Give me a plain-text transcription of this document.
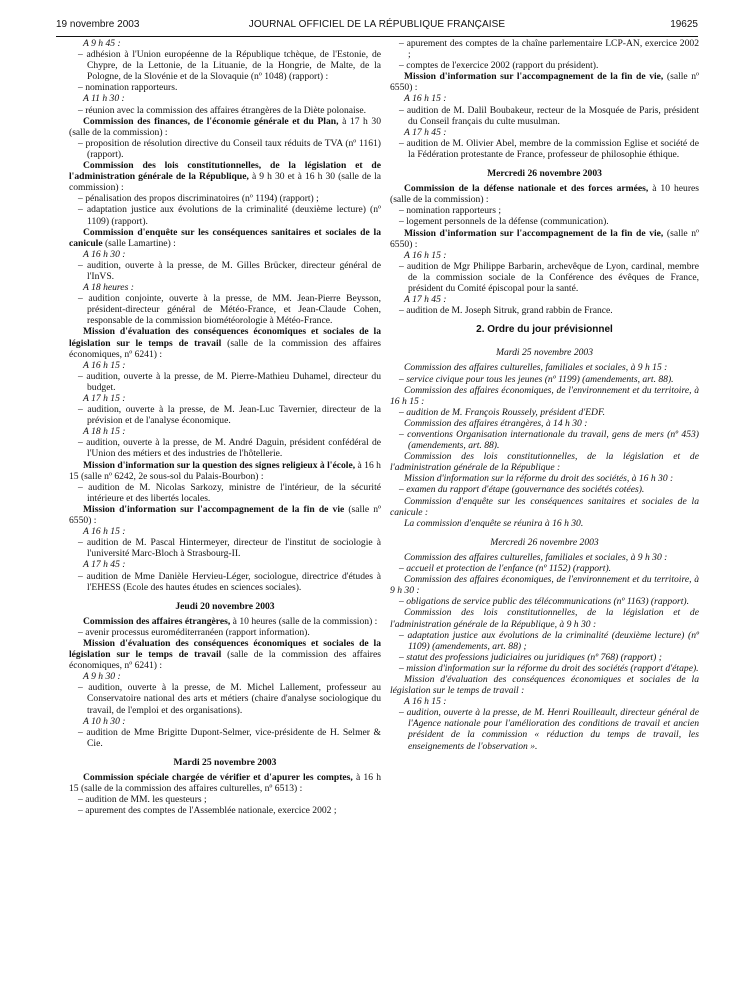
19 novembre 2003	JOURNAL OFFICIEL DE LA RÉPUBLIQUE FRANÇAISE	19625

A 9 h 45 :

– adhésion à l'Union européenne de la République tchèque, de l'Estonie, de Chypre, de la Lettonie, de la Lituanie, de la Hongrie, de Malte, de la Pologne, de la Slovénie et de la Slovaquie (nº 1048) (rapport) :

– nomination rapporteurs.

A 11 h 30 :

– réunion avec la commission des affaires étrangères de la Diète polonaise.

Commission des finances, de l'économie générale et du Plan, à 17 h 30 (salle de la commission) :

– proposition de résolution directive du Conseil taux réduits de TVA (nº 1161) (rapport).

Commission des lois constitutionnelles, de la législation et de l'administration générale de la République, à 9 h 30 et à 16 h 30 (salle de la commission) :

– pénalisation des propos discriminatoires (nº 1194) (rapport) ;

– adaptation justice aux évolutions de la criminalité (deuxième lecture) (nº 1109) (rapport).

Commission d'enquête sur les conséquences sanitaires et sociales de la canicule (salle Lamartine) :

A 16 h 30 :

– audition, ouverte à la presse, de M. Gilles Brücker, directeur général de l'InVS.

A 18 heures :

– audition conjointe, ouverte à la presse, de MM. Jean-Pierre Beysson, président-directeur général de Météo-France, et Jean-Claude Cohen, responsable de la commission biométéorologie à Météo-France.

Mission d'évaluation des conséquences économiques et sociales de la législation sur le temps de travail (salle de la commission des affaires économiques, nº 6241) :

A 16 h 15 :

– audition, ouverte à la presse, de M. Pierre-Mathieu Duhamel, directeur du budget.

A 17 h 15 :

– audition, ouverte à la presse, de M. Jean-Luc Tavernier, directeur de la prévision et de l'analyse économique.

A 18 h 15 :

– audition, ouverte à la presse, de M. André Daguin, président confédéral de l'Union des métiers et des industries de l'hôtellerie.

Mission d'information sur la question des signes religieux à l'école, à 16 h 15 (salle nº 6242, 2e sous-sol du Palais-Bourbon) :

– audition de M. Nicolas Sarkozy, ministre de l'intérieur, de la sécurité intérieure et des libertés locales.

Mission d'information sur l'accompagnement de la fin de vie (salle nº 6550) :

A 16 h 15 :

– audition de M. Pascal Hintermeyer, directeur de l'institut de sociologie à l'université Marc-Bloch à Strasbourg-II.

A 17 h 45 :

– audition de Mme Danièle Hervieu-Léger, sociologue, directrice d'études à l'EHESS (Ecole des hautes études en sciences sociales).

Jeudi 20 novembre 2003

Commission des affaires étrangères, à 10 heures (salle de la commission) :

– avenir processus euroméditerranéen (rapport information).

Mission d'évaluation des conséquences économiques et sociales de la législation sur le temps de travail (salle de la commission des affaires économiques, nº 6241) :

A 9 h 30 :

– audition, ouverte à la presse, de M. Michel Lallement, professeur au Conservatoire national des arts et métiers (chaire d'analyse sociologique du travail, de l'emploi et des organisations).

A 10 h 30 :

– audition de Mme Brigitte Dupont-Selmer, vice-présidente de H. Selmer & Cie.

Mardi 25 novembre 2003

Commission spéciale chargée de vérifier et d'apurer les comptes, à 16 h 15 (salle de la commission des affaires culturelles, nº 6513) :

– audition de MM. les questeurs ;

– apurement des comptes de l'Assemblée nationale, exercice 2002 ;

– apurement des comptes de la chaîne parlementaire LCP-AN, exercice 2002 ;

– comptes de l'exercice 2002 (rapport du président).

Mission d'information sur l'accompagnement de la fin de vie, (salle nº 6550) :

A 16 h 15 :

– audition de M. Dalil Boubakeur, recteur de la Mosquée de Paris, président du Conseil français du culte musulman.

A 17 h 45 :

– audition de M. Olivier Abel, membre de la commission Eglise et société de la Fédération protestante de France, professeur de philosophie éthique.

Mercredi 26 novembre 2003

Commission de la défense nationale et des forces armées, à 10 heures (salle de la commission) :

– nomination rapporteurs ;

– logement personnels de la défense (communication).

Mission d'information sur l'accompagnement de la fin de vie, (salle nº 6550) :

A 16 h 15 :

– audition de Mgr Philippe Barbarin, archevêque de Lyon, cardinal, membre de la commission sociale de la Conférence des évêques de France, président du Comité épiscopal pour la santé.

A 17 h 45 :

– audition de M. Joseph Sitruk, grand rabbin de France.

2. Ordre du jour prévisionnel

Mardi 25 novembre 2003

Commission des affaires culturelles, familiales et sociales, à 9 h 15 :

– service civique pour tous les jeunes (nº 1199) (amendements, art. 88).

Commission des affaires économiques, de l'environnement et du territoire, à 16 h 15 :

– audition de M. François Roussely, président d'EDF.

Commission des affaires étrangères, à 14 h 30 :

– conventions Organisation internationale du travail, gens de mers (nº 453) (amendements, art. 88).

Commission des lois constitutionnelles, de la législation et de l'administration générale de la République :

Mission d'information sur la réforme du droit des sociétés, à 16 h 30 :

– examen du rapport d'étape (gouvernance des sociétés cotées).

Commission d'enquête sur les conséquences sanitaires et sociales de la canicule :

La commission d'enquête se réunira à 16 h 30.

Mercredi 26 novembre 2003

Commission des affaires culturelles, familiales et sociales, à 9 h 30 :

– accueil et protection de l'enfance (nº 1152) (rapport).

Commission des affaires économiques, de l'environnement et du territoire, à 9 h 30 :

– obligations de service public des télécommunications (nº 1163) (rapport).

Commission des lois constitutionnelles, de la législation et de l'administration générale de la République, à 9 h 30 :

– adaptation justice aux évolutions de la criminalité (deuxième lecture) (nº 1109) (amendements, art. 88) ;

– statut des professions judiciaires ou juridiques (nº 768) (rapport) ;

– mission d'information sur la réforme du droit des sociétés (rapport d'étape).

Mission d'évaluation des conséquences économiques et sociales de la législation sur le temps de travail :

A 16 h 15 :

– audition, ouverte à la presse, de M. Henri Rouilleault, directeur général de l'Agence nationale pour l'amélioration des conditions de travail et ancien président de la commission « réduction du temps de travail, les enseignements de l'observation ».
